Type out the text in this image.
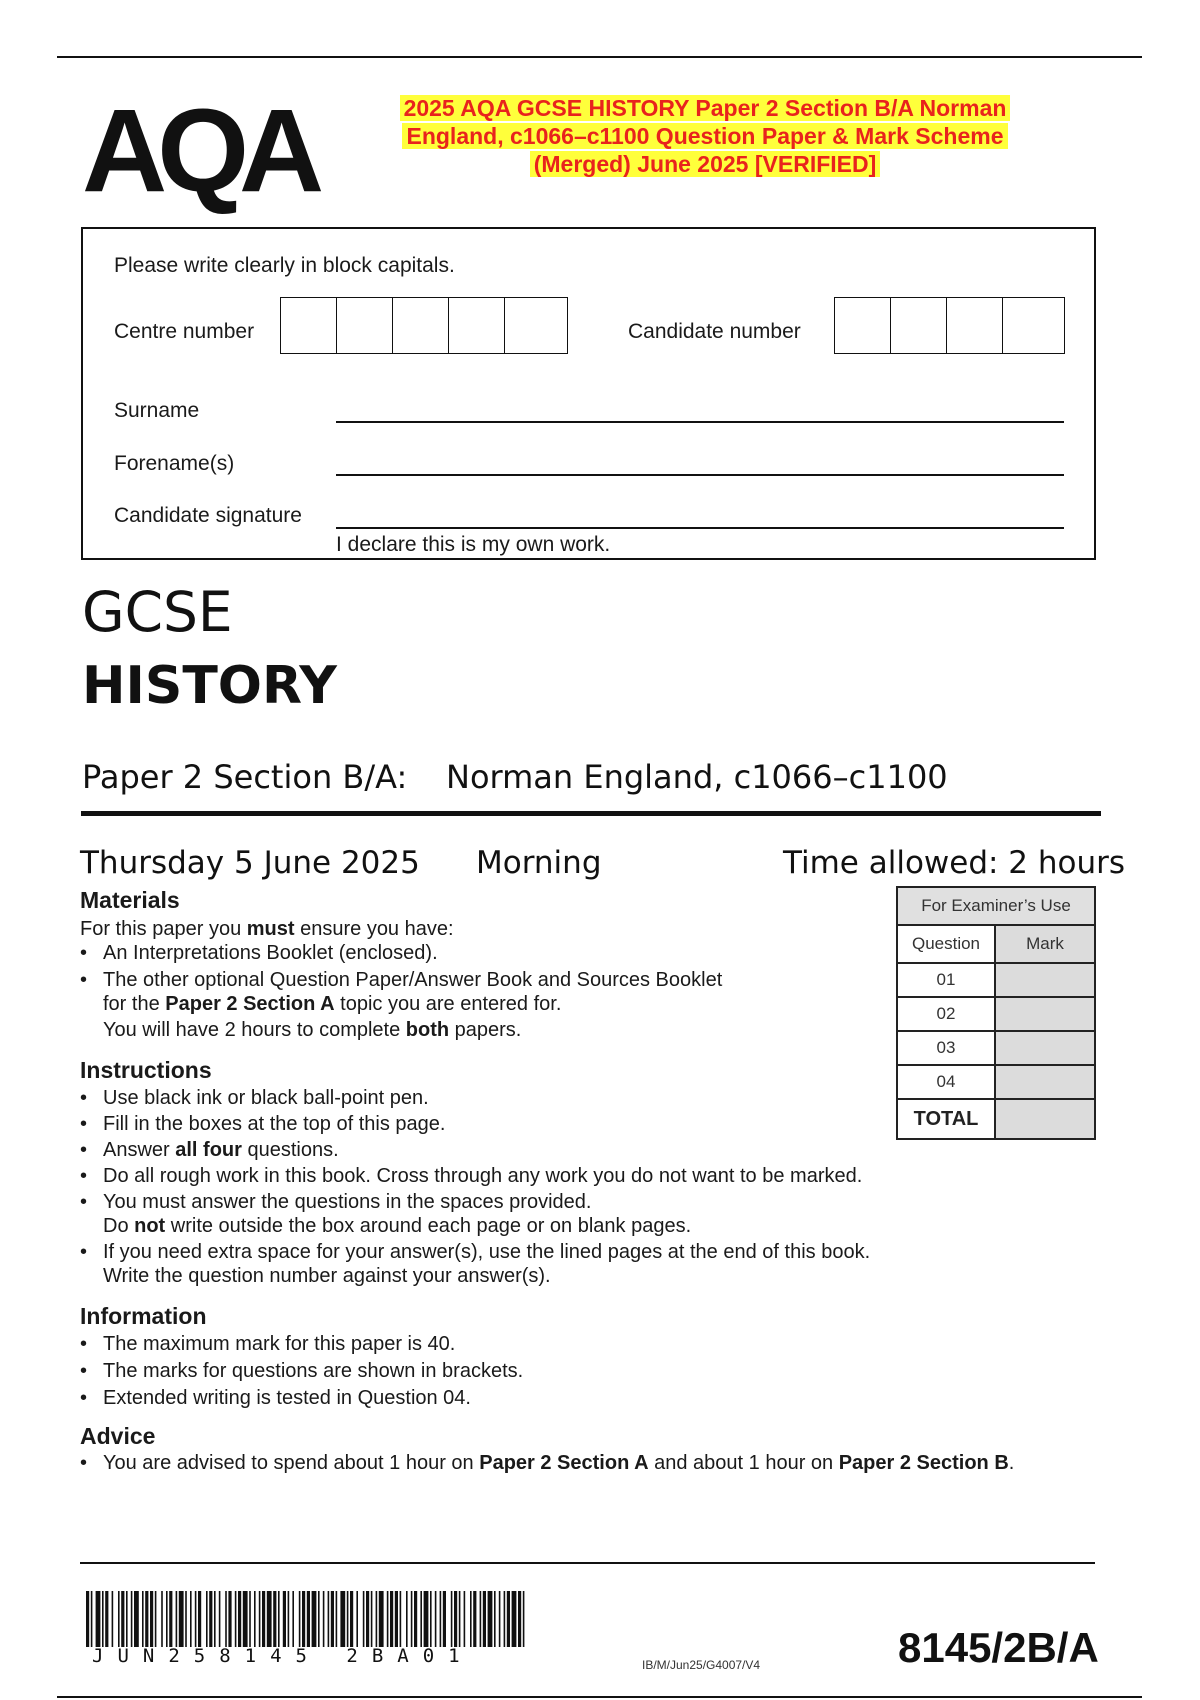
AQA	2025 AQA GCSE HISTORY Paper 2 Section B/A Norman
England, c1066–c1100 Question Paper & Mark Scheme
(Merged) June 2025 [VERIFIED]
Please write clearly in block capitals.
Centre number	Candidate number
Surname
Forename(s)
Candidate signature
I declare this is my own work.
GCSE
HISTORY
Paper 2 Section B/A: Norman England, c1066–c1100
Thursday 5 June 2025 Morning	Time allowed: 2 hours
Materials
For this paper you must ensure you have:
• An Interpretations Booklet (enclosed).
• The other optional Question Paper/Answer Book and Sources Booklet
for the Paper 2 Section A topic you are entered for.
You will have 2 hours to complete both papers.
Instructions
• Use black ink or black ball-point pen.
• Fill in the boxes at the top of this page.
• Answer all four questions.
• Do all rough work in this book. Cross through any work you do not want to be marked.
• You must answer the questions in the spaces provided.
Do not write outside the box around each page or on blank pages.
• If you need extra space for your answer(s), use the lined pages at the end of this book.
Write the question number against your answer(s).
Information
• The maximum mark for this paper is 40.
• The marks for questions are shown in brackets.
• Extended writing is tested in Question 04.
Advice
• You are advised to spend about 1 hour on Paper 2 Section A and about 1 hour on Paper 2 Section B.
For Examiner’s Use	
Question	Mark
01	
02	
03	
04	
TOTAL	
JUN258145 2BA01	IB/M/Jun25/G4007/V4	8145/2B/A
